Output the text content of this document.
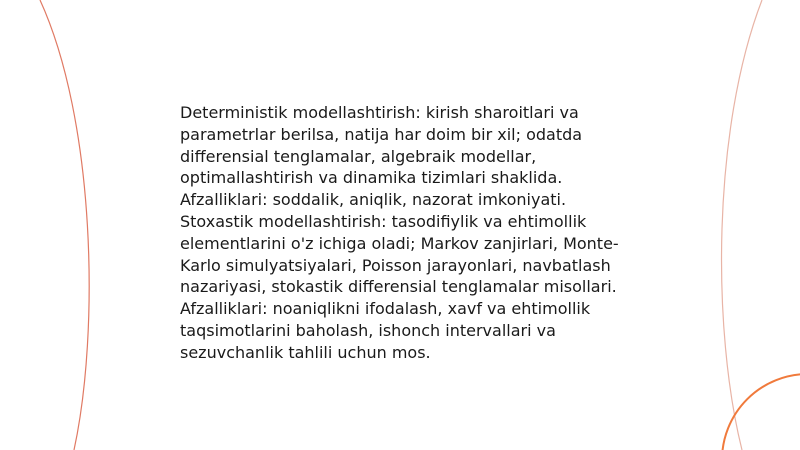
Deterministik modellashtirish: kirish sharoitlari va parametrlar berilsa, natija har doim bir xil; odatda differensial tenglamalar, algebraik modellar, optimallashtirish va dinamika tizimlari shaklida. Afzalliklari: soddalik, aniqlik, nazorat imkoniyati. Stoxastik modellashtirish: tasodifiylik va ehtimollik elementlarini o'z ichiga oladi; Markov zanjirlari, Monte-Karlo simulyatsiyalari, Poisson jarayonlari, navbatlash nazariyasi, stokastik differensial tenglamalar misollari. Afzalliklari: noaniqlikni ifodalash, xavf va ehtimollik taqsimotlarini baholash, ishonch intervallari va sezuvchanlik tahlili uchun mos.
